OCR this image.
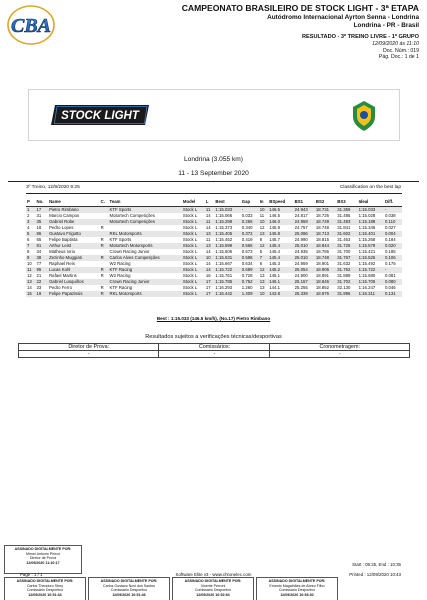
CBA
CAMPEONATO BRASILEIRO DE STOCK LIGHT - 3ª ETAPA
Autódromo Internacional Ayrton Senna - Londrina
Londrina - PR - Brasil
RESULTADO - 3º TREINO LIVRE - 1º GRUPO
12/09/2020 às 11:10
Doc. Núm.: 019
Pág. Doc.: 1 de 1
STOCK LIGHT
Londrina (3.055 km)
11 - 13 September 2020
3º Treino, 12/9/2020 9:25	Classification on the best lap
P	No.	Name	C.	Team	Model	L	Best	Gap	In	BSpeed	BS1	BS2	BS3	Ideal	Diff.
1	17	Pietro Rimbano		KTF Sports	Stock L	11	1:15.033	-	10	146.5	24.943	18.731	31.359	1:15.033	-
2	31	Marcio Campos		Motortech Competições	Stock L	14	1:15.066	0.033	11	146.5	24.817	18.726	31.485	1:15.028	0.038
3	35	Gabriel Robe		Motortech Competições	Stock L	11	1:15.298	0.265	10	146.0	24.958	18.749	31.483	1:15.188	0.110
4	18	Pedro Lopes	R		Stock L	14	1:15.373	0.340	12	145.9	24.757	18.748	31.841	1:15.346	0.027
5	86	Gustavo Frigotto		RKL Motorsports	Stock L	13	1:15.405	0.372	13	145.8	25.086	18.713	31.602	1:15.401	0.004
6	65	Felipe Baptista	R	KTF Sports	Stock L	11	1:15.452	0.419	8	145.7	24.990	18.815	31.463	1:15.268	0.184
7	81	Arthur Leist	R	Motortech Motorsports	Stock L	13	1:15.599	0.566	12	145.4	25.010	18.844	31.725	1:15.579	0.020
8	34	Matheus Iorio		Crown Racing Junior	Stock L	14	1:15.606	0.573	5	145.4	24.935	18.786	31.700	1:15.421	0.185
9	38	Zezinho Muggiati	R	Carlos Alves Competições	Stock L	10	1:15.631	0.598	7	145.4	25.010	18.748	31.767	1:15.525	0.106
10	77	Raphael Reis		W2 Racing	Stock L	14	1:15.667	0.634	6	145.3	24.959	18.901	31.632	1:15.492	0.175
11	95	Lucas Kohl	R	KTF Racing	Stock L	14	1:15.722	0.689	12	145.2	25.054	18.906	31.762	1:15.722	-
12	21	Rafael Martins	R	W2 Racing	Stock L	16	1:15.761	0.728	13	145.1	24.900	18.891	31.889	1:15.680	0.081
13	22	Gabriel Lusquiños		Crown Racing Junior	Stock L	17	1:15.785	0.752	13	145.1	25.157	18.846	31.702	1:15.705	0.080
14	33	Pedro Ferro	R	KTF Racing	Stock L	17	1:16.293	1.260	13	144.1	25.255	18.852	32.130	1:16.247	0.046
15	19	Felipe Papazissis	R	RKL Motorsports	Stock L	17	1:16.442	1.409	10	143.8	25.339	18.976	31.996	1:16.311	0.131
Best : 1:15.033 (146.5 km/h), (No.17) Pietro Rimbano
Resultados sujeitos a verificações técnicas/desportivas
Diretor de Prova:	Comissários:	Cronometragem:
-	-	-
Start : 09:25, End : 10:35
ASSINADO DIGITALMENTE POR:
Mirnei Antonio Pirovo
Diretor de Prova
12/09/2020 11:10:17
Page : 1 / 1	Software Elite v3 - www.chronelec.com	Printed : 12/09/2020 10:43
ASSINADO DIGITALMENTE POR:
Carlos Theodoro Strey
Comissário Desportivo
12/09/2020 10:51:34
ASSINADO DIGITALMENTE POR:
Carlos Gustavo Novi dos Santos
Comissário Desportivo
12/09/2020 10:51:46
ASSINADO DIGITALMENTE POR:
Vicente Perroni
Comissário Desportivo
12/09/2020 10:52:54
ASSINADO DIGITALMENTE POR:
Ernesto Magalhães de Abreu Filho
Comissário Desportivo
12/09/2020 10:53:30
